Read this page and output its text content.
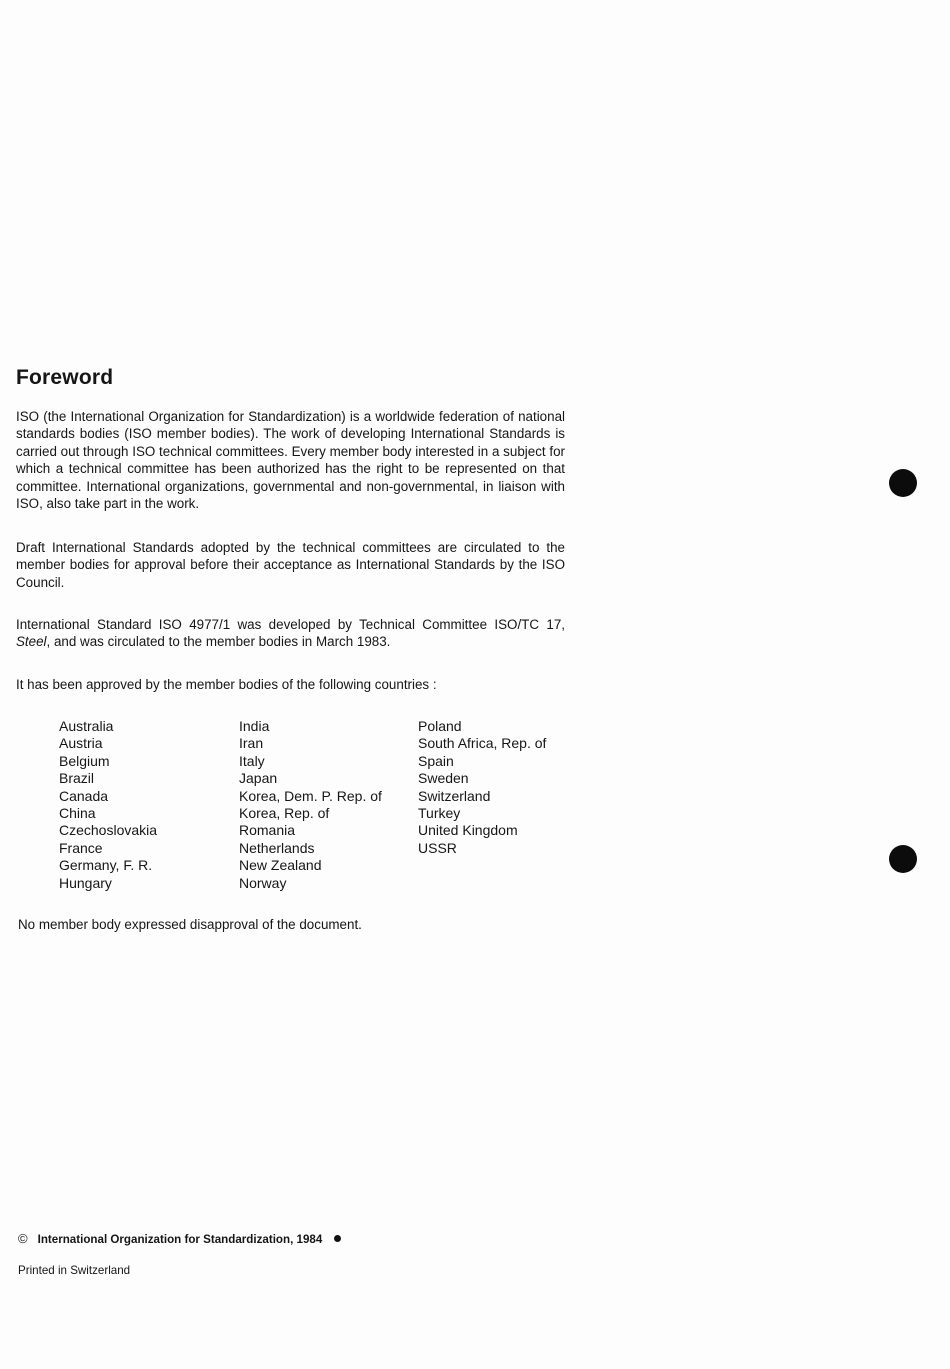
Foreword

ISO (the International Organization for Standardization) is a worldwide federation of national standards bodies (ISO member bodies). The work of developing International Standards is carried out through ISO technical committees. Every member body interested in a subject for which a technical committee has been authorized has the right to be represented on that committee. International organizations, governmental and non-governmental, in liaison with ISO, also take part in the work.

Draft International Standards adopted by the technical committees are circulated to the member bodies for approval before their acceptance as International Standards by the ISO Council.

International Standard ISO 4977/1 was developed by Technical Committee ISO/TC 17, Steel, and was circulated to the member bodies in March 1983.

It has been approved by the member bodies of the following countries :

Australia
Austria
Belgium
Brazil
Canada
China
Czechoslovakia
France
Germany, F. R.
Hungary
India
Iran
Italy
Japan
Korea, Dem. P. Rep. of
Korea, Rep. of
Romania
Netherlands
New Zealand
Norway
Poland
South Africa, Rep. of
Spain
Sweden
Switzerland
Turkey
United Kingdom
USSR

No member body expressed disapproval of the document.

© International Organization for Standardization, 1984
Printed in Switzerland
